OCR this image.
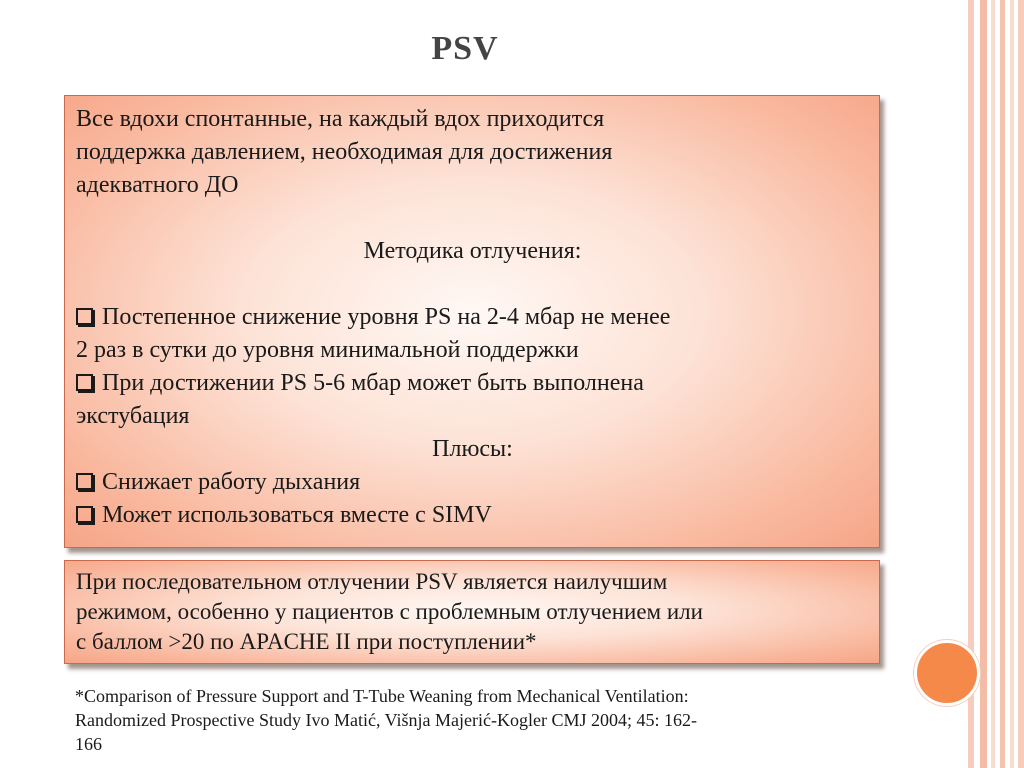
PSV
Все вдохи спонтанные, на каждый вдох приходится
поддержка давлением, необходимая для достижения
адекватного ДО
Методика отлучения:
Постепенное снижение уровня PS на 2-4 мбар не менее
2 раз в сутки до уровня минимальной поддержки
При достижении PS 5-6 мбар может быть выполнена
экстубация
Плюсы:
Снижает работу дыхания
Может использоваться вместе с SIMV
При последовательном отлучении PSV является наилучшим
режимом, особенно у пациентов с проблемным отлучением или
с баллом >20 по APACHE II при поступлении*
*Comparison of Pressure Support and T-Tube Weaning from Mechanical Ventilation:
Randomized Prospective Study Ivo Matić, Višnja Majerić-Kogler CMJ 2004; 45: 162-
166
